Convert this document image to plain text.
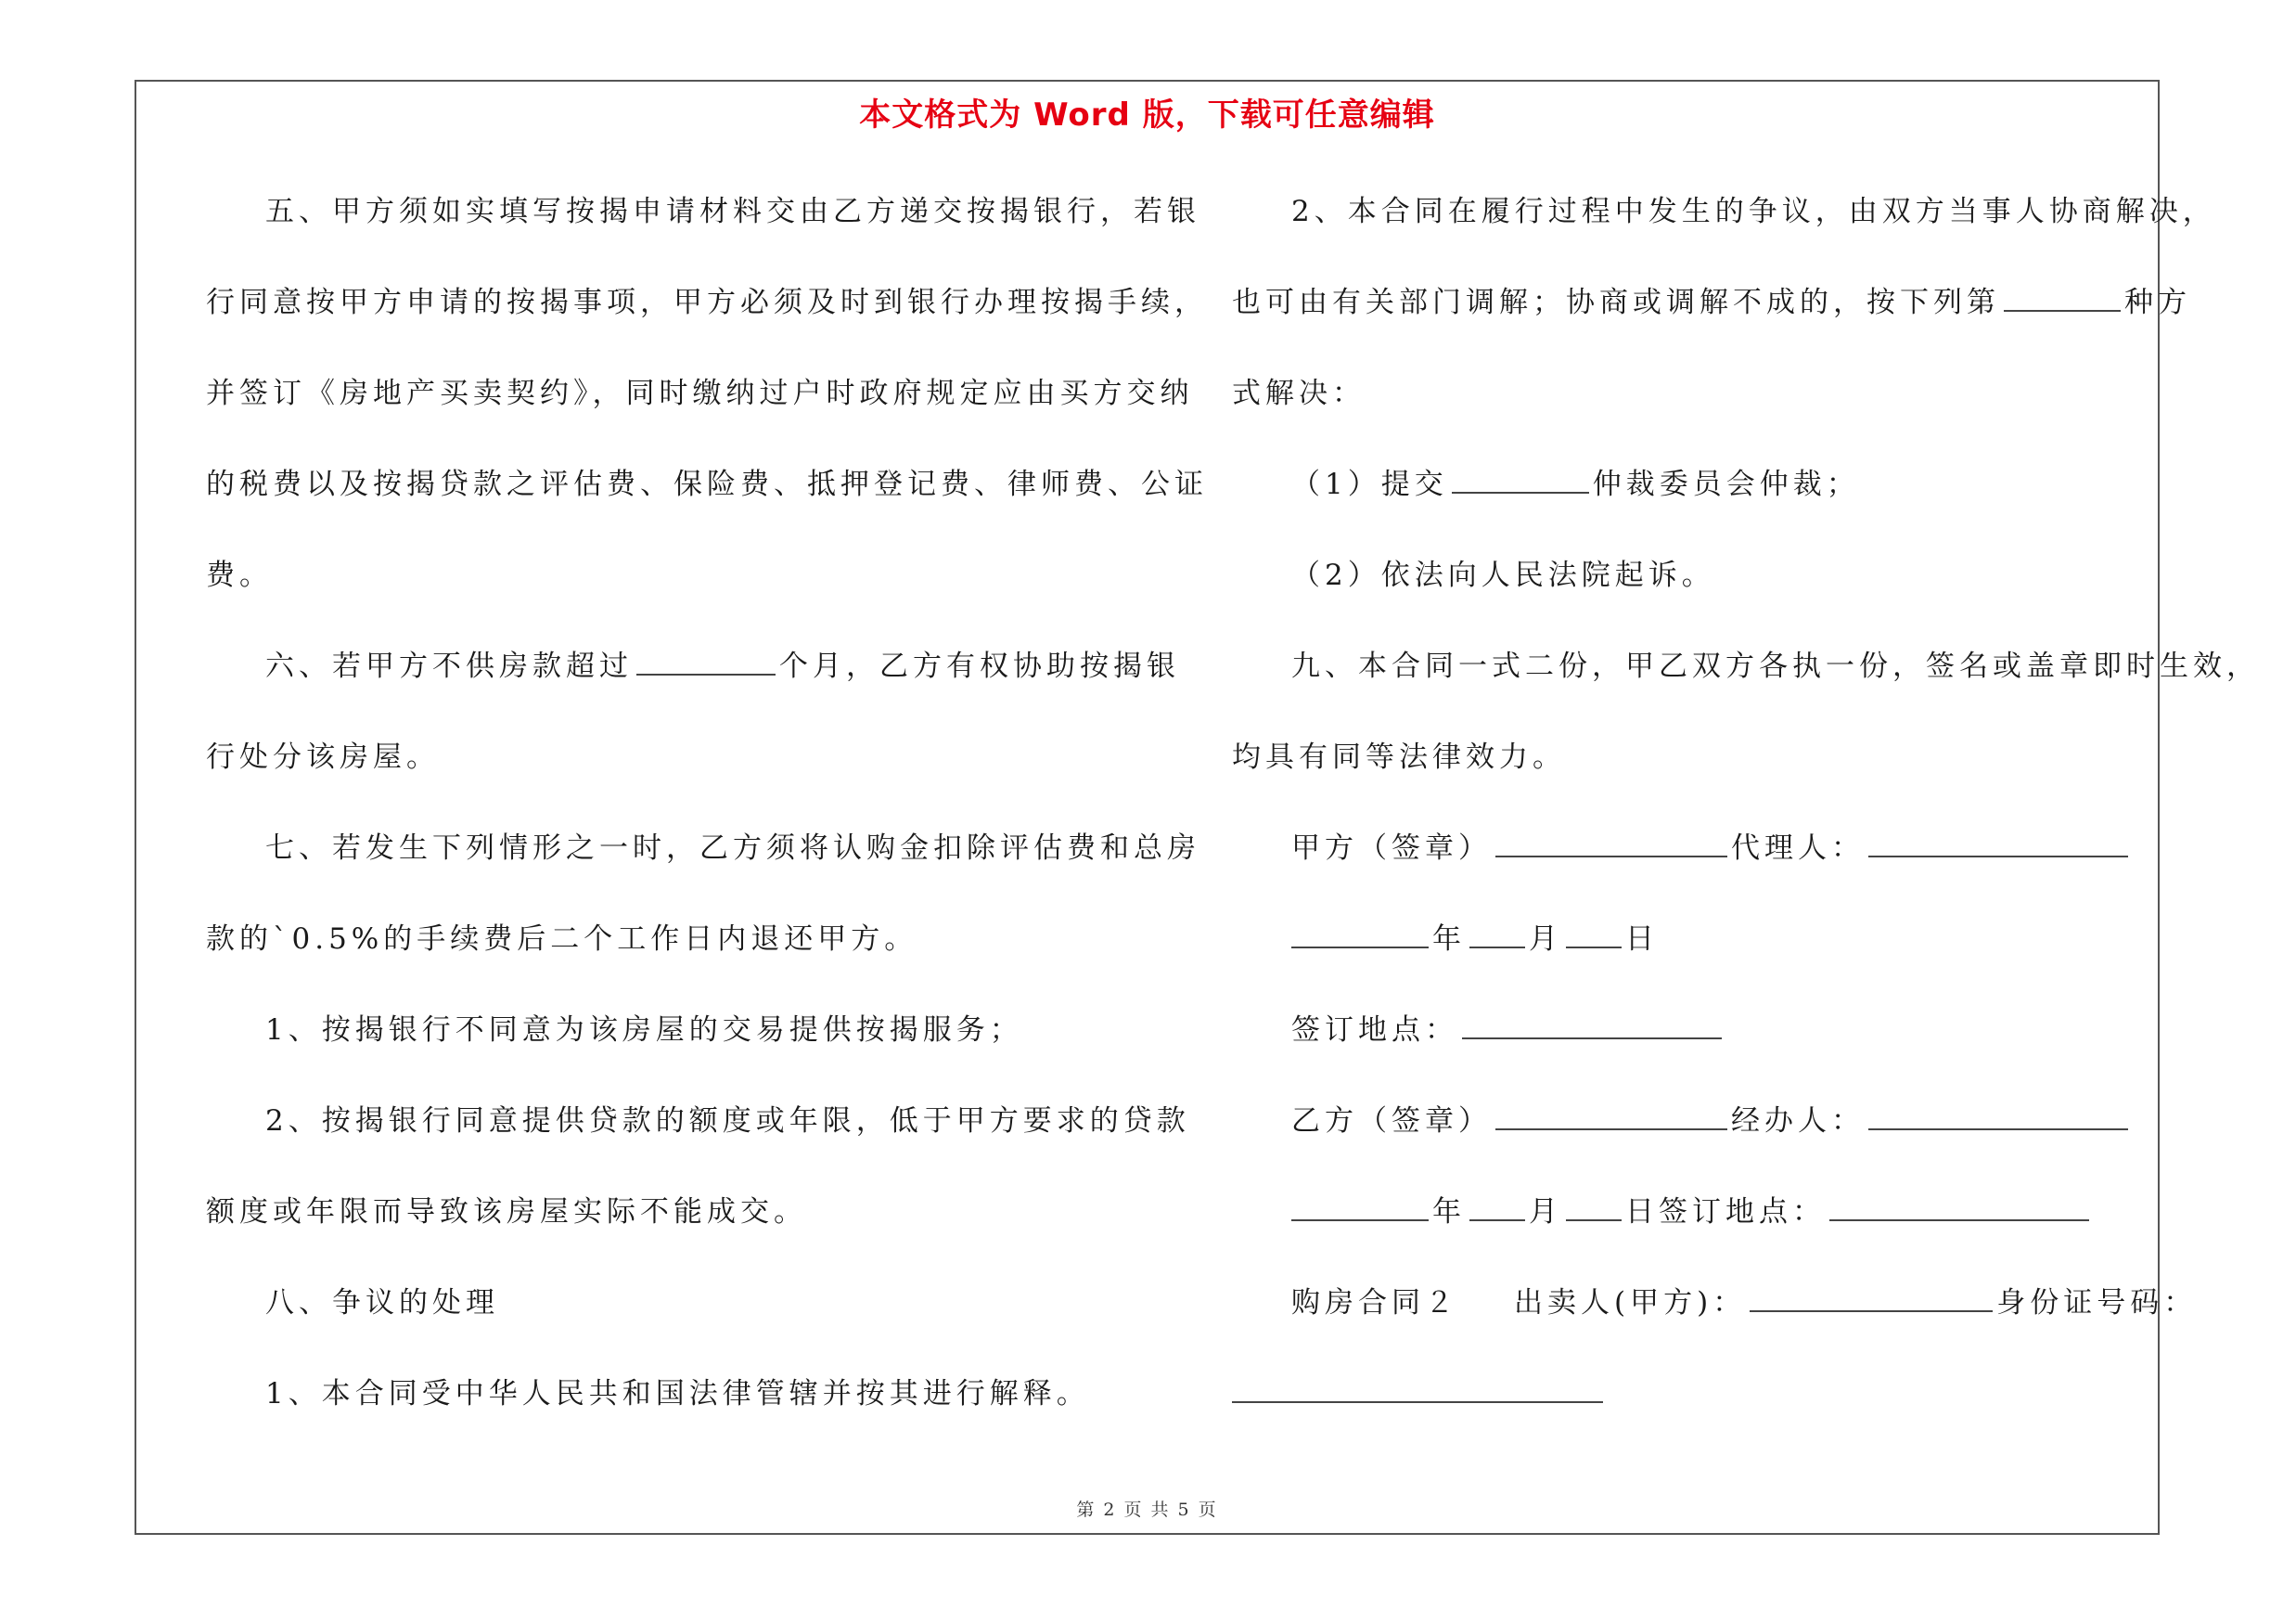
本文格式为 Word 版，下载可任意编辑
五、甲方须如实填写按揭申请材料交由乙方递交按揭银行，若银
行同意按甲方申请的按揭事项，甲方必须及时到银行办理按揭手续，
并签订《房地产买卖契约》，同时缴纳过户时政府规定应由买方交纳
的税费以及按揭贷款之评估费、保险费、抵押登记费、律师费、公证
费。
六、若甲方不供房款超过	个月，乙方有权协助按揭银
行处分该房屋。
七、若发生下列情形之一时，乙方须将认购金扣除评估费和总房
款的`0.5%的手续费后二个工作日内退还甲方。
1、按揭银行不同意为该房屋的交易提供按揭服务；
2、按揭银行同意提供贷款的额度或年限，低于甲方要求的贷款
额度或年限而导致该房屋实际不能成交。
八、争议的处理
1、本合同受中华人民共和国法律管辖并按其进行解释。
2、本合同在履行过程中发生的争议，由双方当事人协商解决，
也可由有关部门调解；协商或调解不成的，按下列第	种方
式解决：
（1）提交	仲裁委员会仲裁；
（2）依法向人民法院起诉。
九、本合同一式二份，甲乙双方各执一份，签名或盖章即时生效，
均具有同等法律效力。
甲方（签章）	代理人：
年 月 日
签订地点：
乙方（签章）	经办人：
年 月 日签订地点：
购房合同２ 出卖人(甲方)：	身份证号码：
第 2 页 共 5 页
